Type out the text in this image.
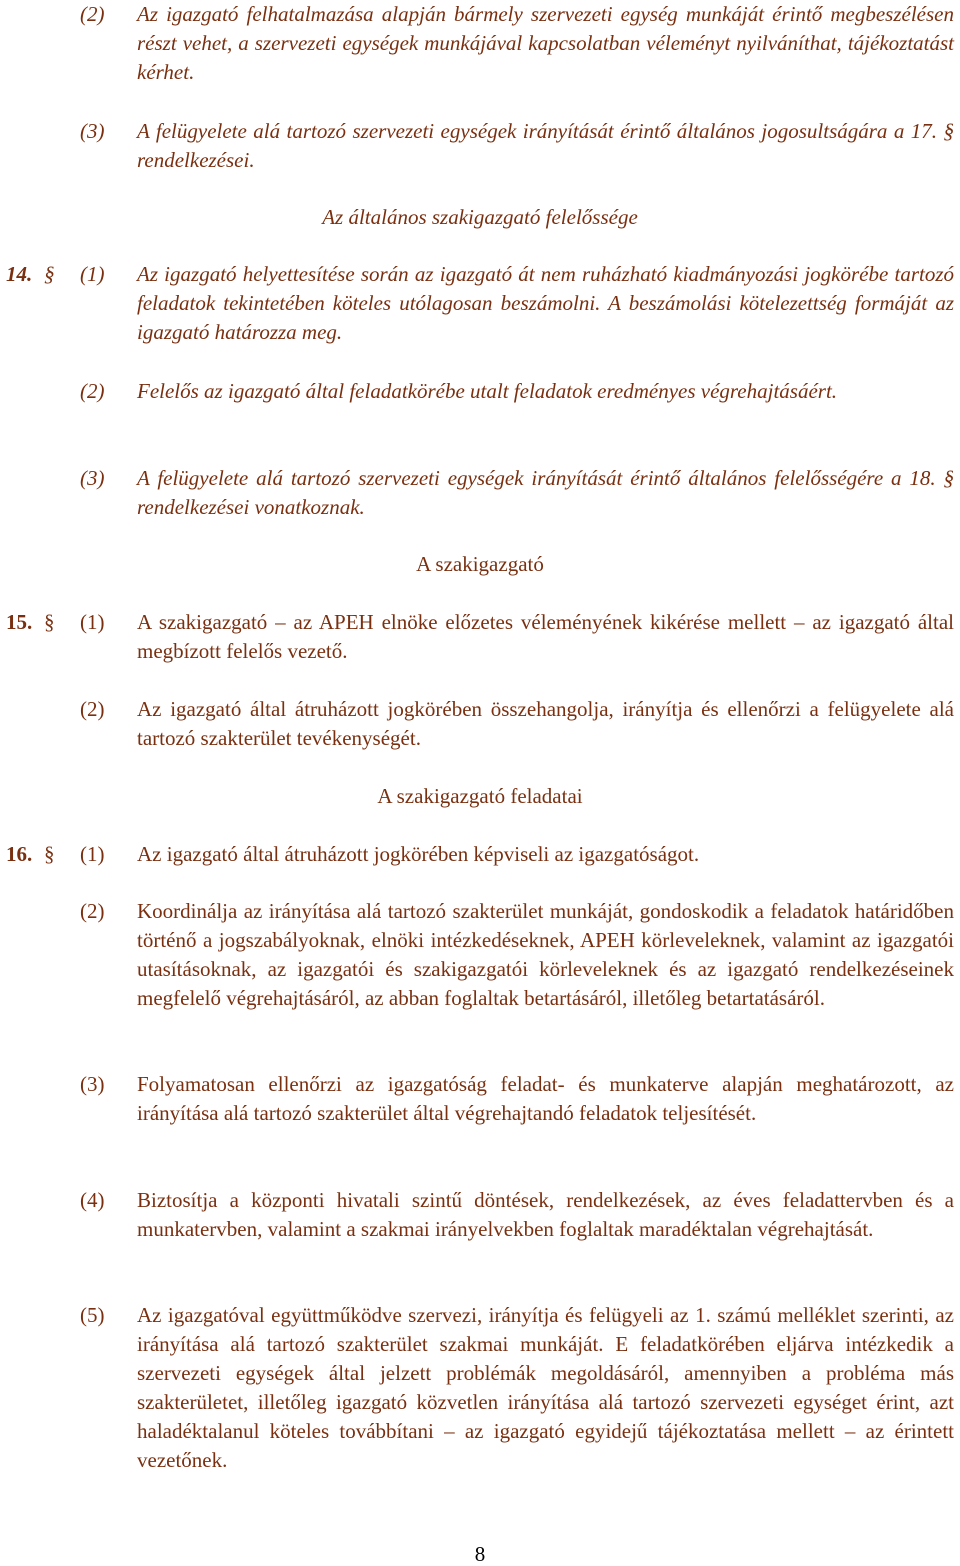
(2) Az igazgató felhatalmazása alapján bármely szervezeti egység munkáját érintő megbeszélésen részt vehet, a szervezeti egységek munkájával kapcsolatban véleményt nyilváníthat, tájékoztatást kérhet.
(3) A felügyelete alá tartozó szervezeti egységek irányítását érintő általános jogosultságára a 17. § rendelkezései.
Az általános szakigazgató felelőssége
14. § (1) Az igazgató helyettesítése során az igazgató át nem ruházható kiadmányozási jogkörébe tartozó feladatok tekintetében köteles utólagosan beszámolni. A beszámolási kötelezettség formáját az igazgató határozza meg.
(2) Felelős az igazgató által feladatkörébe utalt feladatok eredményes végrehajtásáért.
(3) A felügyelete alá tartozó szervezeti egységek irányítását érintő általános felelősségére a 18. § rendelkezései vonatkoznak.
A szakigazgató
15. § (1) A szakigazgató – az APEH elnöke előzetes véleményének kikérése mellett – az igazgató által megbízott felelős vezető.
(2) Az igazgató által átruházott jogkörében összehangolja, irányítja és ellenőrzi a felügyelete alá tartozó szakterület tevékenységét.
A szakigazgató feladatai
16. § (1) Az igazgató által átruházott jogkörében képviseli az igazgatóságot.
(2) Koordinálja az irányítása alá tartozó szakterület munkáját, gondoskodik a feladatok határidőben történő a jogszabályoknak, elnöki intézkedéseknek, APEH körleveleknek, valamint az igazgatói utasításoknak, az igazgatói és szakigazgatói körleveleknek és az igazgató rendelkezéseinek megfelelő végrehajtásáról, az abban foglaltak betartásáról, illetőleg betartatásáról.
(3) Folyamatosan ellenőrzi az igazgatóság feladat- és munkaterve alapján meghatározott, az irányítása alá tartozó szakterület által végrehajtandó feladatok teljesítését.
(4) Biztosítja a központi hivatali szintű döntések, rendelkezések, az éves feladattervben és a munkatervben, valamint a szakmai irányelvekben foglaltak maradéktalan végrehajtását.
(5) Az igazgatóval együttműködve szervezi, irányítja és felügyeli az 1. számú melléklet szerinti, az irányítása alá tartozó szakterület szakmai munkáját. E feladatkörében eljárva intézkedik a szervezeti egységek által jelzett problémák megoldásáról, amennyiben a probléma más szakterületet, illetőleg igazgató közvetlen irányítása alá tartozó szervezeti egységet érint, azt haladéktalanul köteles továbbítani – az igazgató egyidejű tájékoztatása mellett – az érintett vezetőnek.
8
